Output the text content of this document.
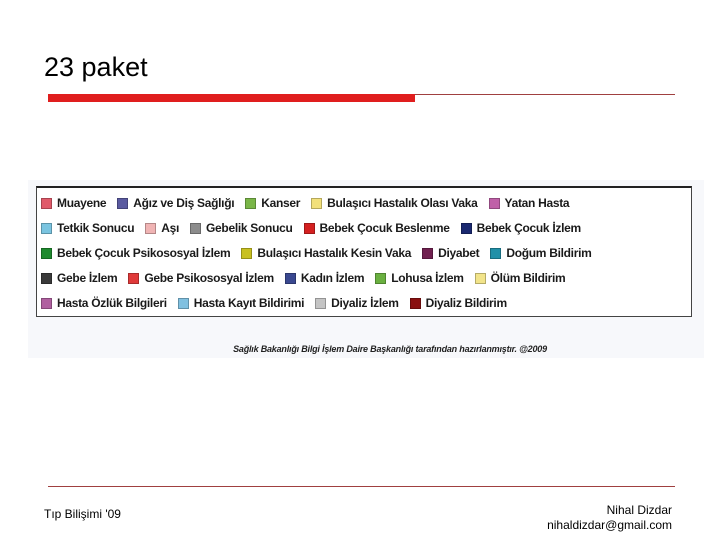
23 paket
Muayene Ağız ve Diş Sağlığı Kanser Bulaşıcı Hastalık Olası Vaka Yatan Hasta
Tetkik Sonucu Aşı Gebelik Sonucu Bebek Çocuk Beslenme Bebek Çocuk İzlem
Bebek Çocuk Psikososyal İzlem Bulaşıcı Hastalık Kesin Vaka Diyabet Doğum Bildirim
Gebe İzlem Gebe Psikososyal İzlem Kadın İzlem Lohusa İzlem Ölüm Bildirim
Hasta Özlük Bilgileri Hasta Kayıt Bildirimi Diyaliz İzlem Diyaliz Bildirim
Sağlık Bakanlığı Bilgi İşlem Daire Başkanlığı tarafından hazırlanmıştır. @2009
Tıp Bilişimi '09	Nihal Dizdar
nihaldizdar@gmail.com
